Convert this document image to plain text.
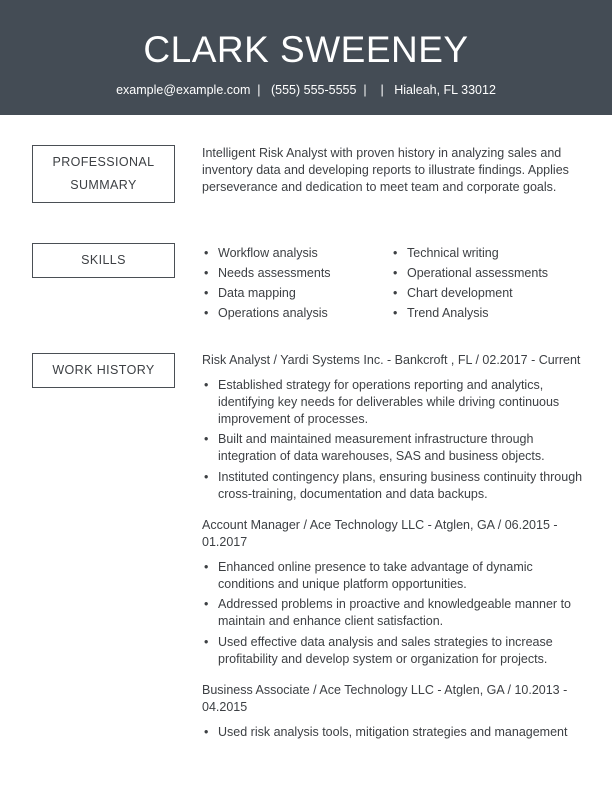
CLARK SWEENEY
example@example.com  |   (555) 555-5555  |    |   Hialeah, FL 33012
PROFESSIONAL
SUMMARY
Intelligent Risk Analyst with proven history in analyzing sales and inventory data and developing reports to illustrate findings. Applies perseverance and dedication to meet team and corporate goals.
SKILLS
•	Workflow analysis
• Needs assessments
• Data mapping
• Operations analysis
• Technical writing
• Operational assessments
• Chart development
• Trend Analysis
WORK HISTORY
Risk Analyst / Yardi Systems Inc. - Bankcroft , FL / 02.2017 - Current
• Established strategy for operations reporting and analytics, identifying key needs for deliverables while driving continuous improvement of processes.
• Built and maintained measurement infrastructure through integration of data warehouses, SAS and business objects.
• Instituted contingency plans, ensuring business continuity through cross-training, documentation and data backups.
Account Manager / Ace Technology LLC - Atglen, GA / 06.2015 - 01.2017
• Enhanced online presence to take advantage of dynamic conditions and unique platform opportunities.
• Addressed problems in proactive and knowledgeable manner to maintain and enhance client satisfaction.
• Used effective data analysis and sales strategies to increase profitability and develop system or organization for projects.
Business Associate / Ace Technology LLC - Atglen, GA / 10.2013 - 04.2015
• Used risk analysis tools, mitigation strategies and management
